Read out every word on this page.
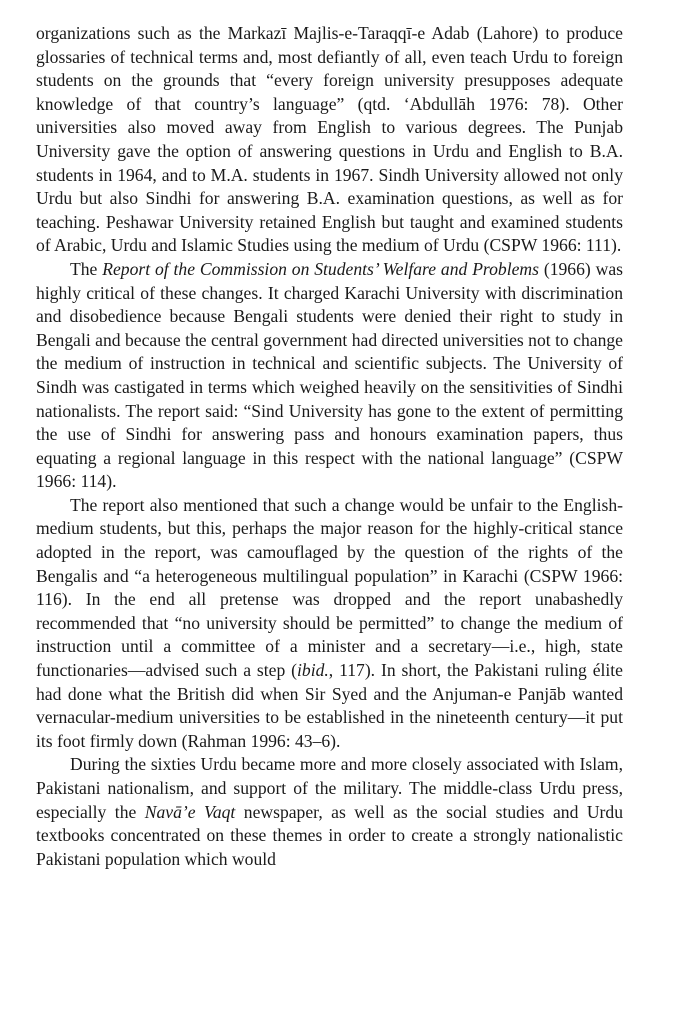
organizations such as the Markazī Majlis-e-Taraqqī-e Adab (Lahore) to produce glossaries of technical terms and, most defiantly of all, even teach Urdu to foreign students on the grounds that “every foreign university presupposes adequate knowledge of that country’s language” (qtd. ‘Abdullāh 1976: 78). Other universities also moved away from English to various degrees. The Punjab University gave the option of answering questions in Urdu and English to B.A. students in 1964, and to M.A. students in 1967. Sindh University allowed not only Urdu but also Sindhi for answering B.A. examination questions, as well as for teaching. Peshawar University retained English but taught and examined students of Arabic, Urdu and Islamic Studies using the medium of Urdu (CSPW 1966: 111).

The Report of the Commission on Students’ Welfare and Problems (1966) was highly critical of these changes. It charged Karachi University with discrimination and disobedience because Bengali students were denied their right to study in Bengali and because the central government had directed universities not to change the medium of instruction in technical and scientific subjects. The University of Sindh was castigated in terms which weighed heavily on the sensitivities of Sindhi nationalists. The report said: “Sind University has gone to the extent of permitting the use of Sindhi for answering pass and honours examination papers, thus equating a regional language in this respect with the national language” (CSPW 1966: 114).

The report also mentioned that such a change would be unfair to the English-medium students, but this, perhaps the major reason for the highly-critical stance adopted in the report, was camouflaged by the question of the rights of the Bengalis and “a heterogeneous multilingual population” in Karachi (CSPW 1966: 116). In the end all pretense was dropped and the report unabashedly recommended that “no university should be permitted” to change the medium of instruction until a committee of a minister and a secretary—i.e., high, state functionaries—advised such a step (ibid., 117). In short, the Pakistani ruling élite had done what the British did when Sir Syed and the Anjuman-e Panjāb wanted vernacular-medium universities to be established in the nineteenth century—it put its foot firmly down (Rahman 1996: 43–6).

During the sixties Urdu became more and more closely associated with Islam, Pakistani nationalism, and support of the military. The middle-class Urdu press, especially the Navā’e Vaqt newspaper, as well as the social studies and Urdu textbooks concentrated on these themes in order to create a strongly nationalistic Pakistani population which would
